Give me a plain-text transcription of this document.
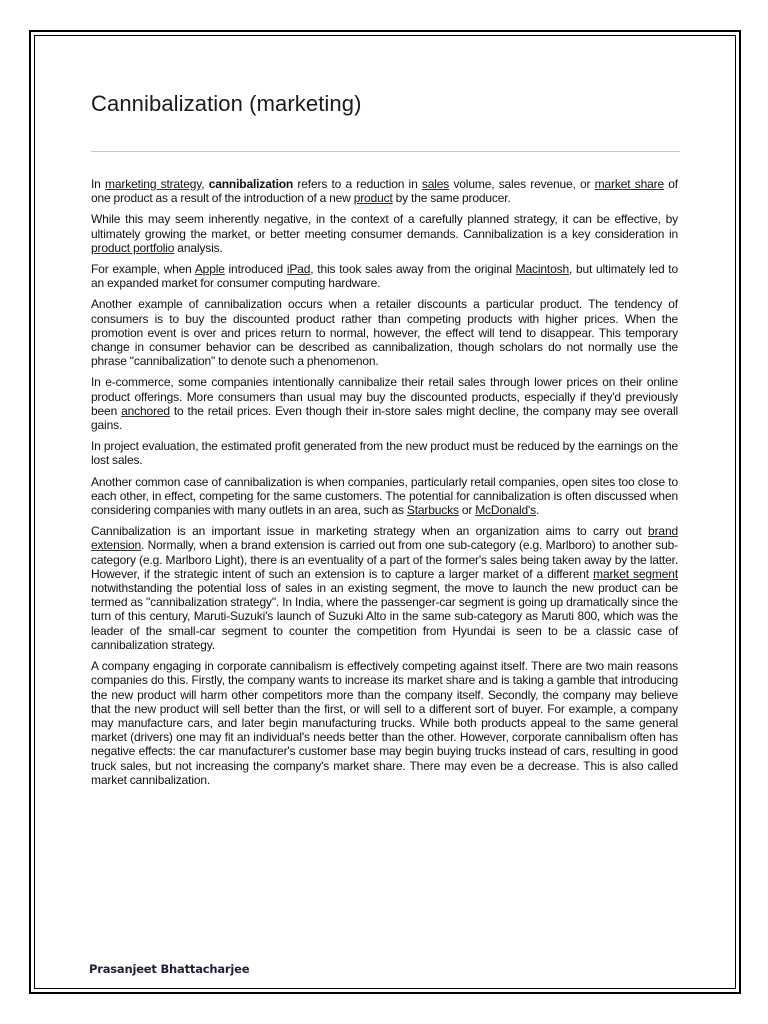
Cannibalization (marketing)

In marketing strategy, cannibalization refers to a reduction in sales volume, sales revenue, or market share of one product as a result of the introduction of a new product by the same producer.

While this may seem inherently negative, in the context of a carefully planned strategy, it can be effective, by ultimately growing the market, or better meeting consumer demands. Cannibalization is a key consideration in product portfolio analysis.

For example, when Apple introduced iPad, this took sales away from the original Macintosh, but ultimately led to an expanded market for consumer computing hardware.

Another example of cannibalization occurs when a retailer discounts a particular product. The tendency of consumers is to buy the discounted product rather than competing products with higher prices. When the promotion event is over and prices return to normal, however, the effect will tend to disappear. This temporary change in consumer behavior can be described as cannibalization, though scholars do not normally use the phrase "cannibalization" to denote such a phenomenon.

In e-commerce, some companies intentionally cannibalize their retail sales through lower prices on their online product offerings. More consumers than usual may buy the discounted products, especially if they'd previously been anchored to the retail prices. Even though their in-store sales might decline, the company may see overall gains.

In project evaluation, the estimated profit generated from the new product must be reduced by the earnings on the lost sales.

Another common case of cannibalization is when companies, particularly retail companies, open sites too close to each other, in effect, competing for the same customers. The potential for cannibalization is often discussed when considering companies with many outlets in an area, such as Starbucks or McDonald's.

Cannibalization is an important issue in marketing strategy when an organization aims to carry out brand extension. Normally, when a brand extension is carried out from one sub-category (e.g. Marlboro) to another sub-category (e.g. Marlboro Light), there is an eventuality of a part of the former's sales being taken away by the latter. However, if the strategic intent of such an extension is to capture a larger market of a different market segment notwithstanding the potential loss of sales in an existing segment, the move to launch the new product can be termed as "cannibalization strategy". In India, where the passenger-car segment is going up dramatically since the turn of this century, Maruti-Suzuki's launch of Suzuki Alto in the same sub-category as Maruti 800, which was the leader of the small-car segment to counter the competition from Hyundai is seen to be a classic case of cannibalization strategy.

A company engaging in corporate cannibalism is effectively competing against itself. There are two main reasons companies do this. Firstly, the company wants to increase its market share and is taking a gamble that introducing the new product will harm other competitors more than the company itself. Secondly, the company may believe that the new product will sell better than the first, or will sell to a different sort of buyer. For example, a company may manufacture cars, and later begin manufacturing trucks. While both products appeal to the same general market (drivers) one may fit an individual's needs better than the other. However, corporate cannibalism often has negative effects: the car manufacturer's customer base may begin buying trucks instead of cars, resulting in good truck sales, but not increasing the company's market share. There may even be a decrease. This is also called market cannibalization.

Prasanjeet Bhattacharjee
